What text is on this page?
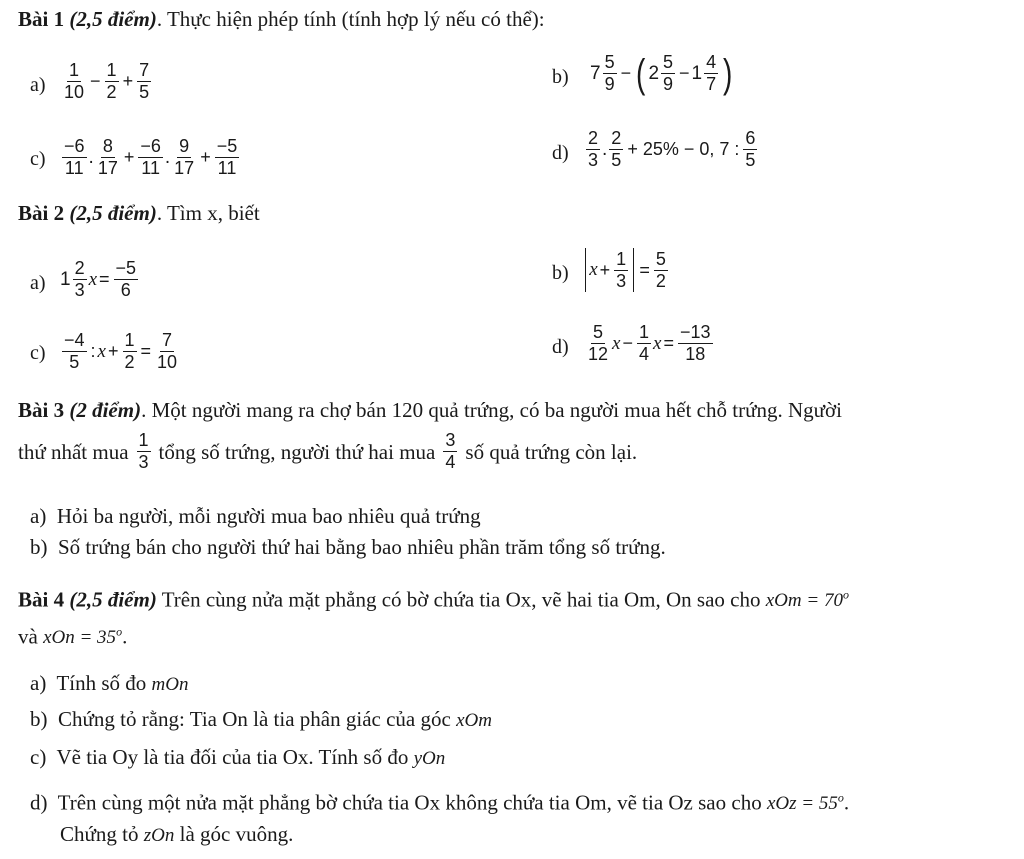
Bài 1 (2,5 điểm). Thực hiện phép tính (tính hợp lý nếu có thể):
$a) \frac{1}{10} - \frac{1}{2} + \frac{7}{5}$	b) $7 \frac{5}{9}$ − ( $2 \frac{5}{9} - 1 \frac{4}{7}$ )
$c) \frac{-6}{11}$ . $\frac{8}{17} + \frac{-6}{11}$ . $\frac{9}{17} + \frac{-5}{11}$	$d) \frac{2}{3}$ . $\frac{2}{5} + 25\% - 0$, 7 : $\frac{6}{5}$
Bài 2 (2,5 điểm). Tìm x, biết
a) $1 \frac{2}{3}$ $x = \frac{-5}{6}$	b) $x + \frac{1}{3} = \frac{5}{2}$
$c) \frac{-4}{5}$ : $x + \frac{1}{2} = \frac{7}{10}$	$d) \frac{5}{12}$ $x - \frac{1}{4}$ $x = \frac{-13}{18}$
Bài 3 (2 điểm). Một người mang ra chợ bán 120 quả trứng, có ba người mua hết chỗ trứng. Người
thứ nhất mua $\frac{1}{3}$ tổng số trứng, người thứ hai mua $\frac{3}{4}$ số quả trứng còn lại.
a) Hỏi ba người, mỗi người mua bao nhiêu quả trứng
b) Số trứng bán cho người thứ hai bằng bao nhiêu phần trăm tổng số trứng.
Bài 4 (2,5 điểm) Trên cùng nửa mặt phẳng có bờ chứa tia Ox, vẽ hai tia Om, On sao cho xOm = $70^o$
và xOn = $35^o$.
a) Tính số đo mOn
b) Chứng tỏ rằng: Tia On là tia phân giác của góc xOm
c) Vẽ tia Oy là tia đối của tia Ox. Tính số đo yOn
d) Trên cùng một nửa mặt phẳng bờ chứa tia Ox không chứa tia Om, vẽ tia Oz sao cho xOz = $55^o$.
Chứng tỏ zOn là góc vuông.
